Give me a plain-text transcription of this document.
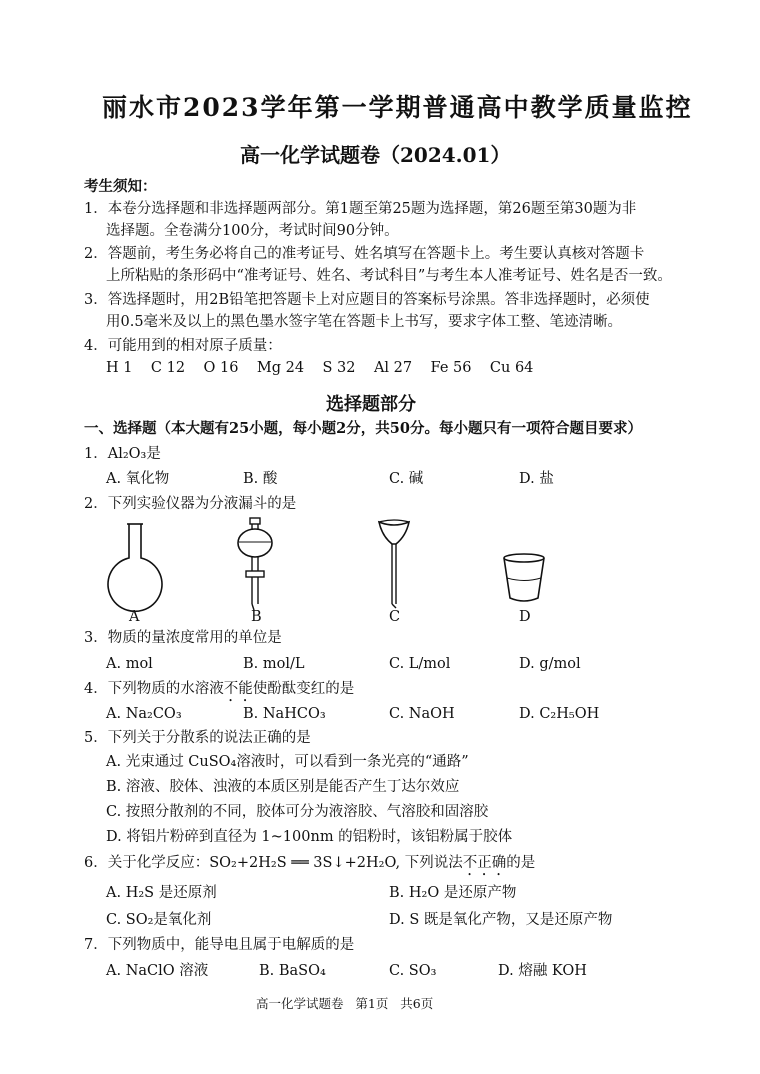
丽水市2023学年第一学期普通高中教学质量监控
高一化学试题卷（2024.01）
考生须知：
1．本卷分选择题和非选择题两部分。第1题至第25题为选择题，第26题至第30题为非
选择题。全卷满分100分，考试时间90分钟。
2．答题前，考生务必将自己的准考证号、姓名填写在答题卡上。考生要认真核对答题卡
上所粘贴的条形码中“准考证号、姓名、考试科目”与考生本人准考证号、姓名是否一致。
3．答选择题时，用2B铅笔把答题卡上对应题目的答案标号涂黑。答非选择题时，必须使
用0.5毫米及以上的黑色墨水签字笔在答题卡上书写，要求字体工整、笔迹清晰。
4．可能用到的相对原子质量：
H 1    C 12    O 16    Mg 24    S 32    Al 27    Fe 56    Cu 64
选择题部分
一、选择题（本大题有25小题，每小题2分，共50分。每小题只有一项符合题目要求）
1．Al₂O₃是
A. 氧化物	B. 酸	C. 碱	D. 盐
2．下列实验仪器为分液漏斗的是
A	B	C	D
3．物质的量浓度常用的单位是
A. mol	B. mol/L	C. L/mol	D. g/mol
4．下列物质的水溶液不能使酚酞变红的是
A. Na₂CO₃	B. NaHCO₃	C. NaOH	D. C₂H₅OH
5．下列关于分散系的说法正确的是
A. 光束通过 CuSO₄溶液时，可以看到一条光亮的“通路”
B. 溶液、胶体、浊液的本质区别是能否产生丁达尔效应
C. 按照分散剂的不同，胶体可分为液溶胶、气溶胶和固溶胶
D. 将铝片粉碎到直径为 1~100nm 的铝粉时，该铝粉属于胶体
6．关于化学反应：SO₂+2H₂S ══ 3S↓+2H₂O, 下列说法不正确的是
A. H₂S 是还原剂	B. H₂O 是还原产物
C. SO₂是氧化剂	D. S 既是氧化产物，又是还原产物
7．下列物质中，能导电且属于电解质的是
A. NaClO 溶液	B. BaSO₄	C. SO₃	D. 熔融 KOH
高一化学试题卷   第1页   共6页
